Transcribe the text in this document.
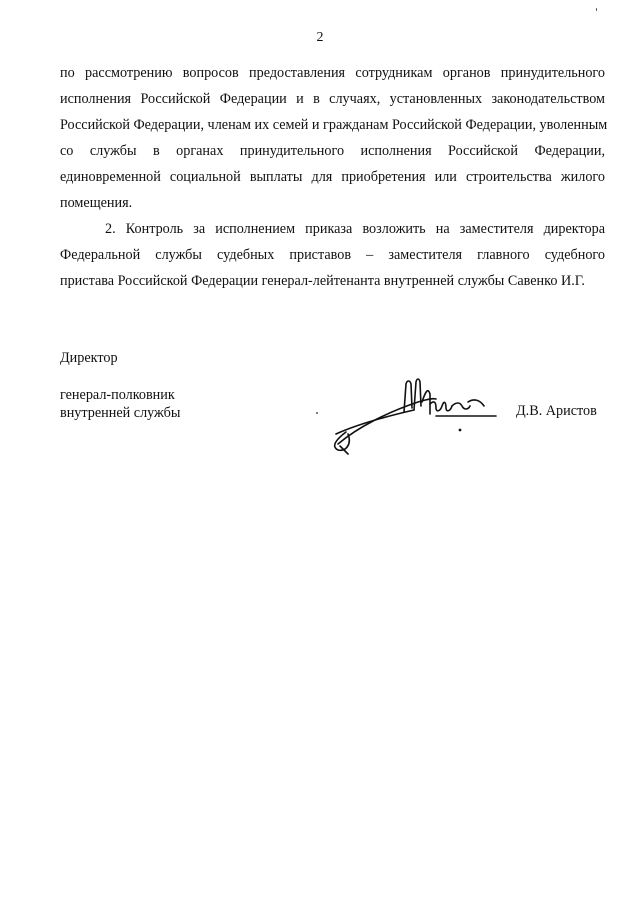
2
по рассмотрению вопросов предоставления сотрудникам органов принудительного
исполнения Российской Федерации и в случаях, установленных законодательством
Российской Федерации, членам их семей и гражданам Российской Федерации, уволенным
со службы в органах принудительного исполнения Российской Федерации,
единовременной социальной выплаты для приобретения или строительства жилого
помещения.
2. Контроль за исполнением приказа возложить на заместителя директора
Федеральной службы судебных приставов – заместителя главного судебного
пристава Российской Федерации генерал-лейтенанта внутренней службы Савенко И.Г.
Директор
генерал-полковник
внутренней службы	Д.В. Аристов
